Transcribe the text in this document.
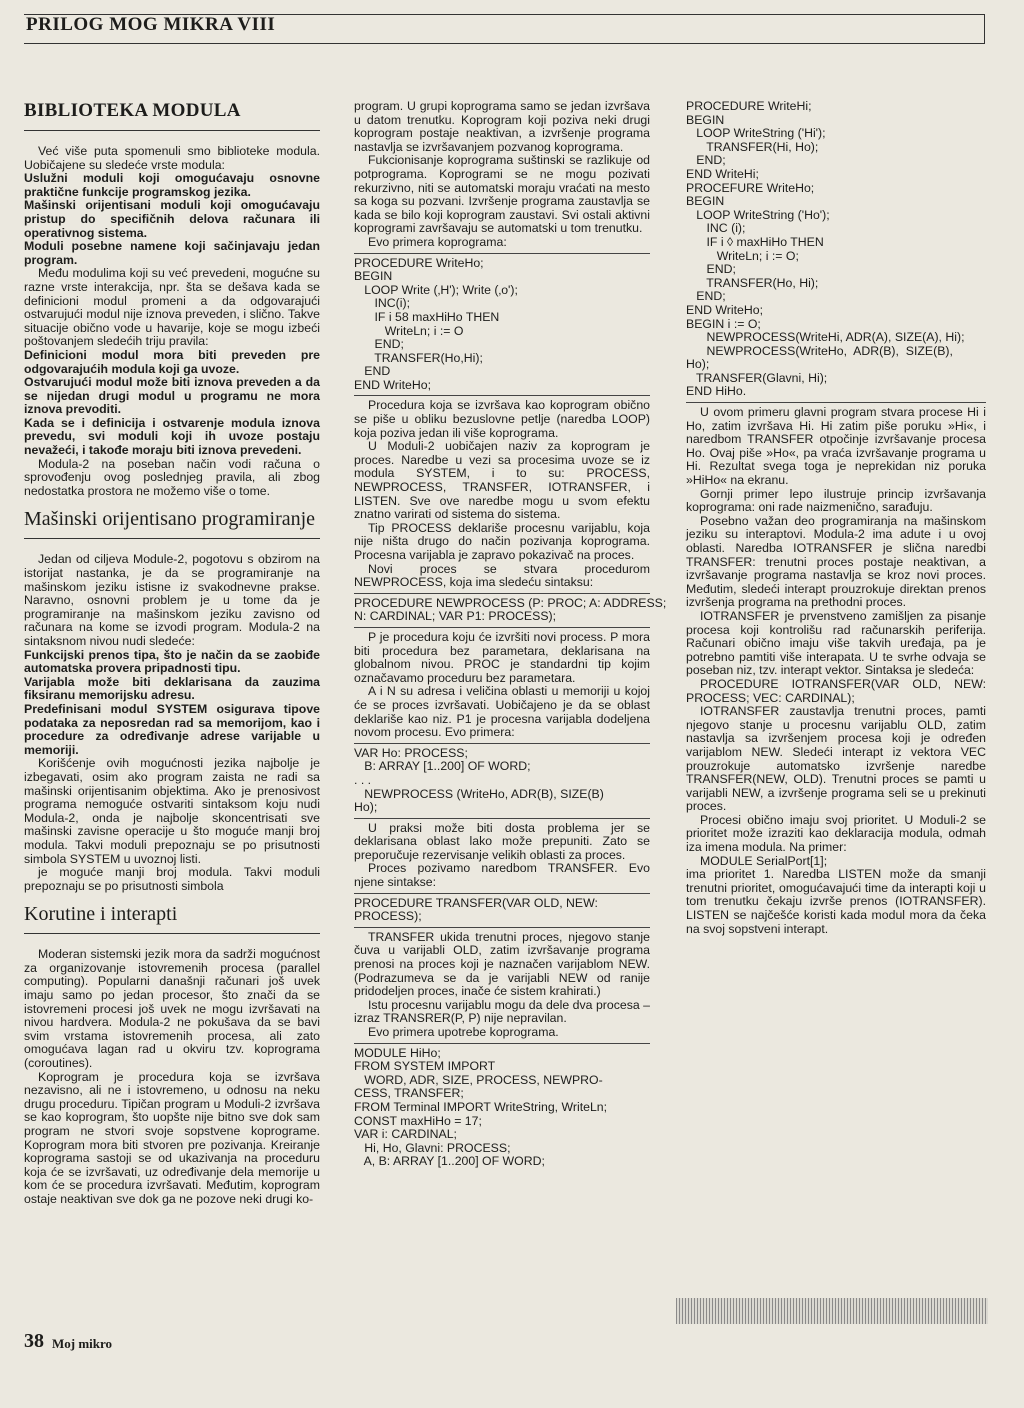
PRILOG MOG MIKRA VIII
BIBLIOTEKA MODULA

Već više puta spomenuli smo biblioteke modula. Uobičajene su sledeće vrste modula:

Uslužni moduli koji omogućavaju osnovne praktične funkcije programskog jezika.

Mašinski orijentisani moduli koji omogućavaju pristup do specifičnih delova računara ili operativnog sistema.

Moduli posebne namene koji sačinjavaju jedan program.

Među modulima koji su već prevedeni, mogućne su razne vrste interakcija, npr. šta se dešava kada se definicioni modul promeni a da odgovarajući ostvarujući modul nije iznova preveden, i slično. Takve situacije obično vode u havarije, koje se mogu izbeći poštovanjem sledećih triju pravila:

Definicioni modul mora biti preveden pre odgovarajućih modula koji ga uvoze.

Ostvarujući modul može biti iznova preveden a da se nijedan drugi modul u programu ne mora iznova prevoditi.

Kada se i definicija i ostvarenje modula iznova prevedu, svi moduli koji ih uvoze postaju nevažeći, i takođe moraju biti iznova prevedeni.

Modula-2 na poseban način vodi računa o sprovođenju ovog poslednjeg pravila, ali zbog nedostatka prostora ne možemo više o tome.

Mašinski orijentisano programiranje

Jedan od ciljeva Module-2, pogotovu s obzirom na istorijat nastanka, je da se programiranje na mašinskom jeziku istisne iz svakodnevne prakse. Naravno, osnovni problem je u tome da je programiranje na mašinskom jeziku zavisno od računara na kome se izvodi program. Modula-2 na sintaksnom nivou nudi sledeće:

Funkcijski prenos tipa, što je način da se zaobiđe automatska provera pripadnosti tipu.

Varijabla može biti deklarisana da zauzima fiksiranu memorijsku adresu.

Predefinisani modul SYSTEM osigurava tipove podataka za neposredan rad sa memorijom, kao i procedure za određivanje adrese varijable u memoriji.

Korišćenje ovih mogućnosti jezika najbolje je izbegavati, osim ako program zaista ne radi sa mašinski orijentisanim objektima. Ako je prenosivost programa nemoguće ostvariti sintaksom koju nudi Modula-2, onda je najbolje skoncentrisati sve mašinski zavisne operacije u što moguće manji broj modula. Takvi moduli prepoznaju se po prisutnosti simbola SYSTEM u uvoznoj listi.

je moguće manji broj modula. Takvi moduli prepoznaju se po prisutnosti simbola

Korutine i interapti

Moderan sistemski jezik mora da sadrži mogućnost za organizovanje istovremenih procesa (parallel computing). Popularni današnji računari još uvek imaju samo po jedan procesor, što znači da se istovremeni procesi još uvek ne mogu izvršavati na nivou hardvera. Modula-2 ne pokušava da se bavi svim vrstama istovremenih procesa, ali zato omogućava lagan rad u okviru tzv. koprograma (coroutines).

Koprogram je procedura koja se izvršava nezavisno, ali ne i istovremeno, u odnosu na neku drugu proceduru. Tipičan program u Moduli-2 izvršava se kao koprogram, što uopšte nije bitno sve dok sam program ne stvori svoje sopstvene koprograme. Koprogram mora biti stvoren pre pozivanja. Kreiranje koprograma sastoji se od ukazivanja na proceduru koja će se izvršavati, uz određivanje dela memorije u kom će se procedura izvršavati. Međutim, koprogram ostaje neaktivan sve dok ga ne pozove neki drugi ko-

program. U grupi koprograma samo se jedan izvršava u datom trenutku. Koprogram koji poziva neki drugi koprogram postaje neaktivan, a izvršenje programa nastavlja se izvršavanjem pozvanog koprograma.

Fukcionisanje koprograma suštinski se razlikuje od potprograma. Koprogrami se ne mogu pozivati rekurzivno, niti se automatski moraju vraćati na mesto sa koga su pozvani. Izvršenje programa zaustavlja se kada se bilo koji koprogram zaustavi. Svi ostali aktivni koprogrami završavaju se automatski u tom trenutku.

Evo primera koprograma:

PROCEDURE WriteHo;
BEGIN
LOOP Write (‚H'); Write (‚o');
INC(i);
IF i 58 maxHiHo THEN
WriteLn; i := O
END;
TRANSFER(Ho,Hi);
END
END WriteHo;

Procedura koja se izvršava kao koprogram obično se piše u obliku bezuslovne petlje (naredba LOOP) koja poziva jedan ili više koprograma.

U Moduli-2 uobičajen naziv za koprogram je proces. Naredbe u vezi sa procesima uvoze se iz modula SYSTEM, i to su: PROCESS, NEWPROCESS, TRANSFER, IOTRANSFER, i LISTEN. Sve ove naredbe mogu u svom efektu znatno varirati od sistema do sistema.

Tip PROCESS deklariše procesnu varijablu, koja nije ništa drugo do način pozivanja koprograma. Procesna varijabla je zapravo pokazivač na proces.

Novi proces se stvara procedurom NEWPROCESS, koja ima sledeću sintaksu:

PROCEDURE NEWPROCESS (P: PROC; A: ADDRESS;
N: CARDINAL; VAR P1: PROCESS);

P je procedura koju će izvršiti novi process. P mora biti procedura bez parametara, deklarisana na globalnom nivou. PROC je standardni tip kojim označavamo proceduru bez parametara.

A i N su adresa i veličina oblasti u memoriji u kojoj će se proces izvršavati. Uobičajeno je da se oblast deklariše kao niz. P1 je procesna varijabla dodeljena novom procesu. Evo primera:

VAR Ho: PROCESS;
B: ARRAY [1..200] OF WORD;
. . .
NEWPROCESS (WriteHo, ADR(B), SIZE(B)
Ho);

U praksi može biti dosta problema jer se deklarisana oblast lako može prepuniti. Zato se preporučuje rezervisanje velikih oblasti za proces.

Proces pozivamo naredbom TRANSFER. Evo njene sintakse:

PROCEDURE TRANSFER(VAR OLD, NEW: PROCESS);

TRANSFER ukida trenutni proces, njegovo stanje čuva u varijabli OLD, zatim izvršavanje programa prenosi na proces koji je naznačen varijablom NEW. (Podrazumeva se da je varijabli NEW od ranije pridodeljen proces, inače će sistem krahirati.)

Istu procesnu varijablu mogu da dele dva procesa – izraz TRANSRER(P, P) nije nepravilan.

Evo primera upotrebe koprograma.

MODULE HiHo;
FROM SYSTEM IMPORT
WORD, ADR, SIZE, PROCESS, NEWPRO-
CESS, TRANSFER;
FROM Terminal IMPORT WriteString, WriteLn;
CONST maxHiHo = 17;
VAR i: CARDINAL;
Hi, Ho, Glavni: PROCESS;
A, B: ARRAY [1..200] OF WORD;
PROCEDURE WriteHi;
BEGIN
LOOP WriteString ('Hi');
TRANSFER(Hi, Ho);
END;
END WriteHi;
PROCEFURE WriteHo;
BEGIN
LOOP WriteString ('Ho');
INC (i);
IF i ◊ maxHiHo THEN
WriteLn; i := O;
END;
TRANSFER(Ho, Hi);
END;
END WriteHo;
BEGIN i := O;
NEWPROCESS(WriteHi, ADR(A), SIZE(A), Hi);
NEWPROCESS(WriteHo,  ADR(B),  SIZE(B),
Ho);
TRANSFER(Glavni, Hi);
END HiHo.

U ovom primeru glavni program stvara procese Hi i Ho, zatim izvršava Hi. Hi zatim piše poruku »Hi«, i naredbom TRANSFER otpočinje izvršavanje procesa Ho. Ovaj piše »Ho«, pa vraća izvršavanje programa u Hi. Rezultat svega toga je neprekidan niz poruka »HiHo« na ekranu.

Gornji primer lepo ilustruje princip izvršavanja koprograma: oni rade naizmenično, sarađuju.

Posebno važan deo programiranja na mašinskom jeziku su interaptovi. Modula-2 ima adute i u ovoj oblasti. Naredba IOTRANSFER je slična naredbi TRANSFER: trenutni proces postaje neaktivan, a izvršavanje programa nastavlja se kroz novi proces. Međutim, sledeći interapt prouzrokuje direktan prenos izvršenja programa na prethodni proces.

IOTRANSFER je prvenstveno zamišljen za pisanje procesa koji kontrolišu rad računarskih periferija. Računari obično imaju više takvih uređaja, pa je potrebno pamtiti više interapata. U te svrhe odvaja se poseban niz, tzv. interapt vektor. Sintaksa je sledeća:

PROCEDURE IOTRANSFER(VAR OLD, NEW: PROCESS; VEC: CARDINAL);

IOTRANSFER zaustavlja trenutni proces, pamti njegovo stanje u procesnu varijablu OLD, zatim nastavlja sa izvršenjem procesa koji je određen varijablom NEW. Sledeći interapt iz vektora VEC prouzrokuje automatsko izvršenje naredbe TRANSFER(NEW, OLD). Trenutni proces se pamti u varijabli NEW, a izvršenje programa seli se u prekinuti proces.

Procesi obično imaju svoj prioritet. U Moduli-2 se prioritet može izraziti kao deklaracija modula, odmah iza imena modula. Na primer:

MODULE SerialPort[1];

ima prioritet 1. Naredba LISTEN može da smanji trenutni prioritet, omogućavajući time da interapti koji u tom trenutku čekaju izvrše prenos (IOTRANSFER). LISTEN se najčešće koristi kada modul mora da čeka na svoj sopstveni interapt.

38 Moj mikro
